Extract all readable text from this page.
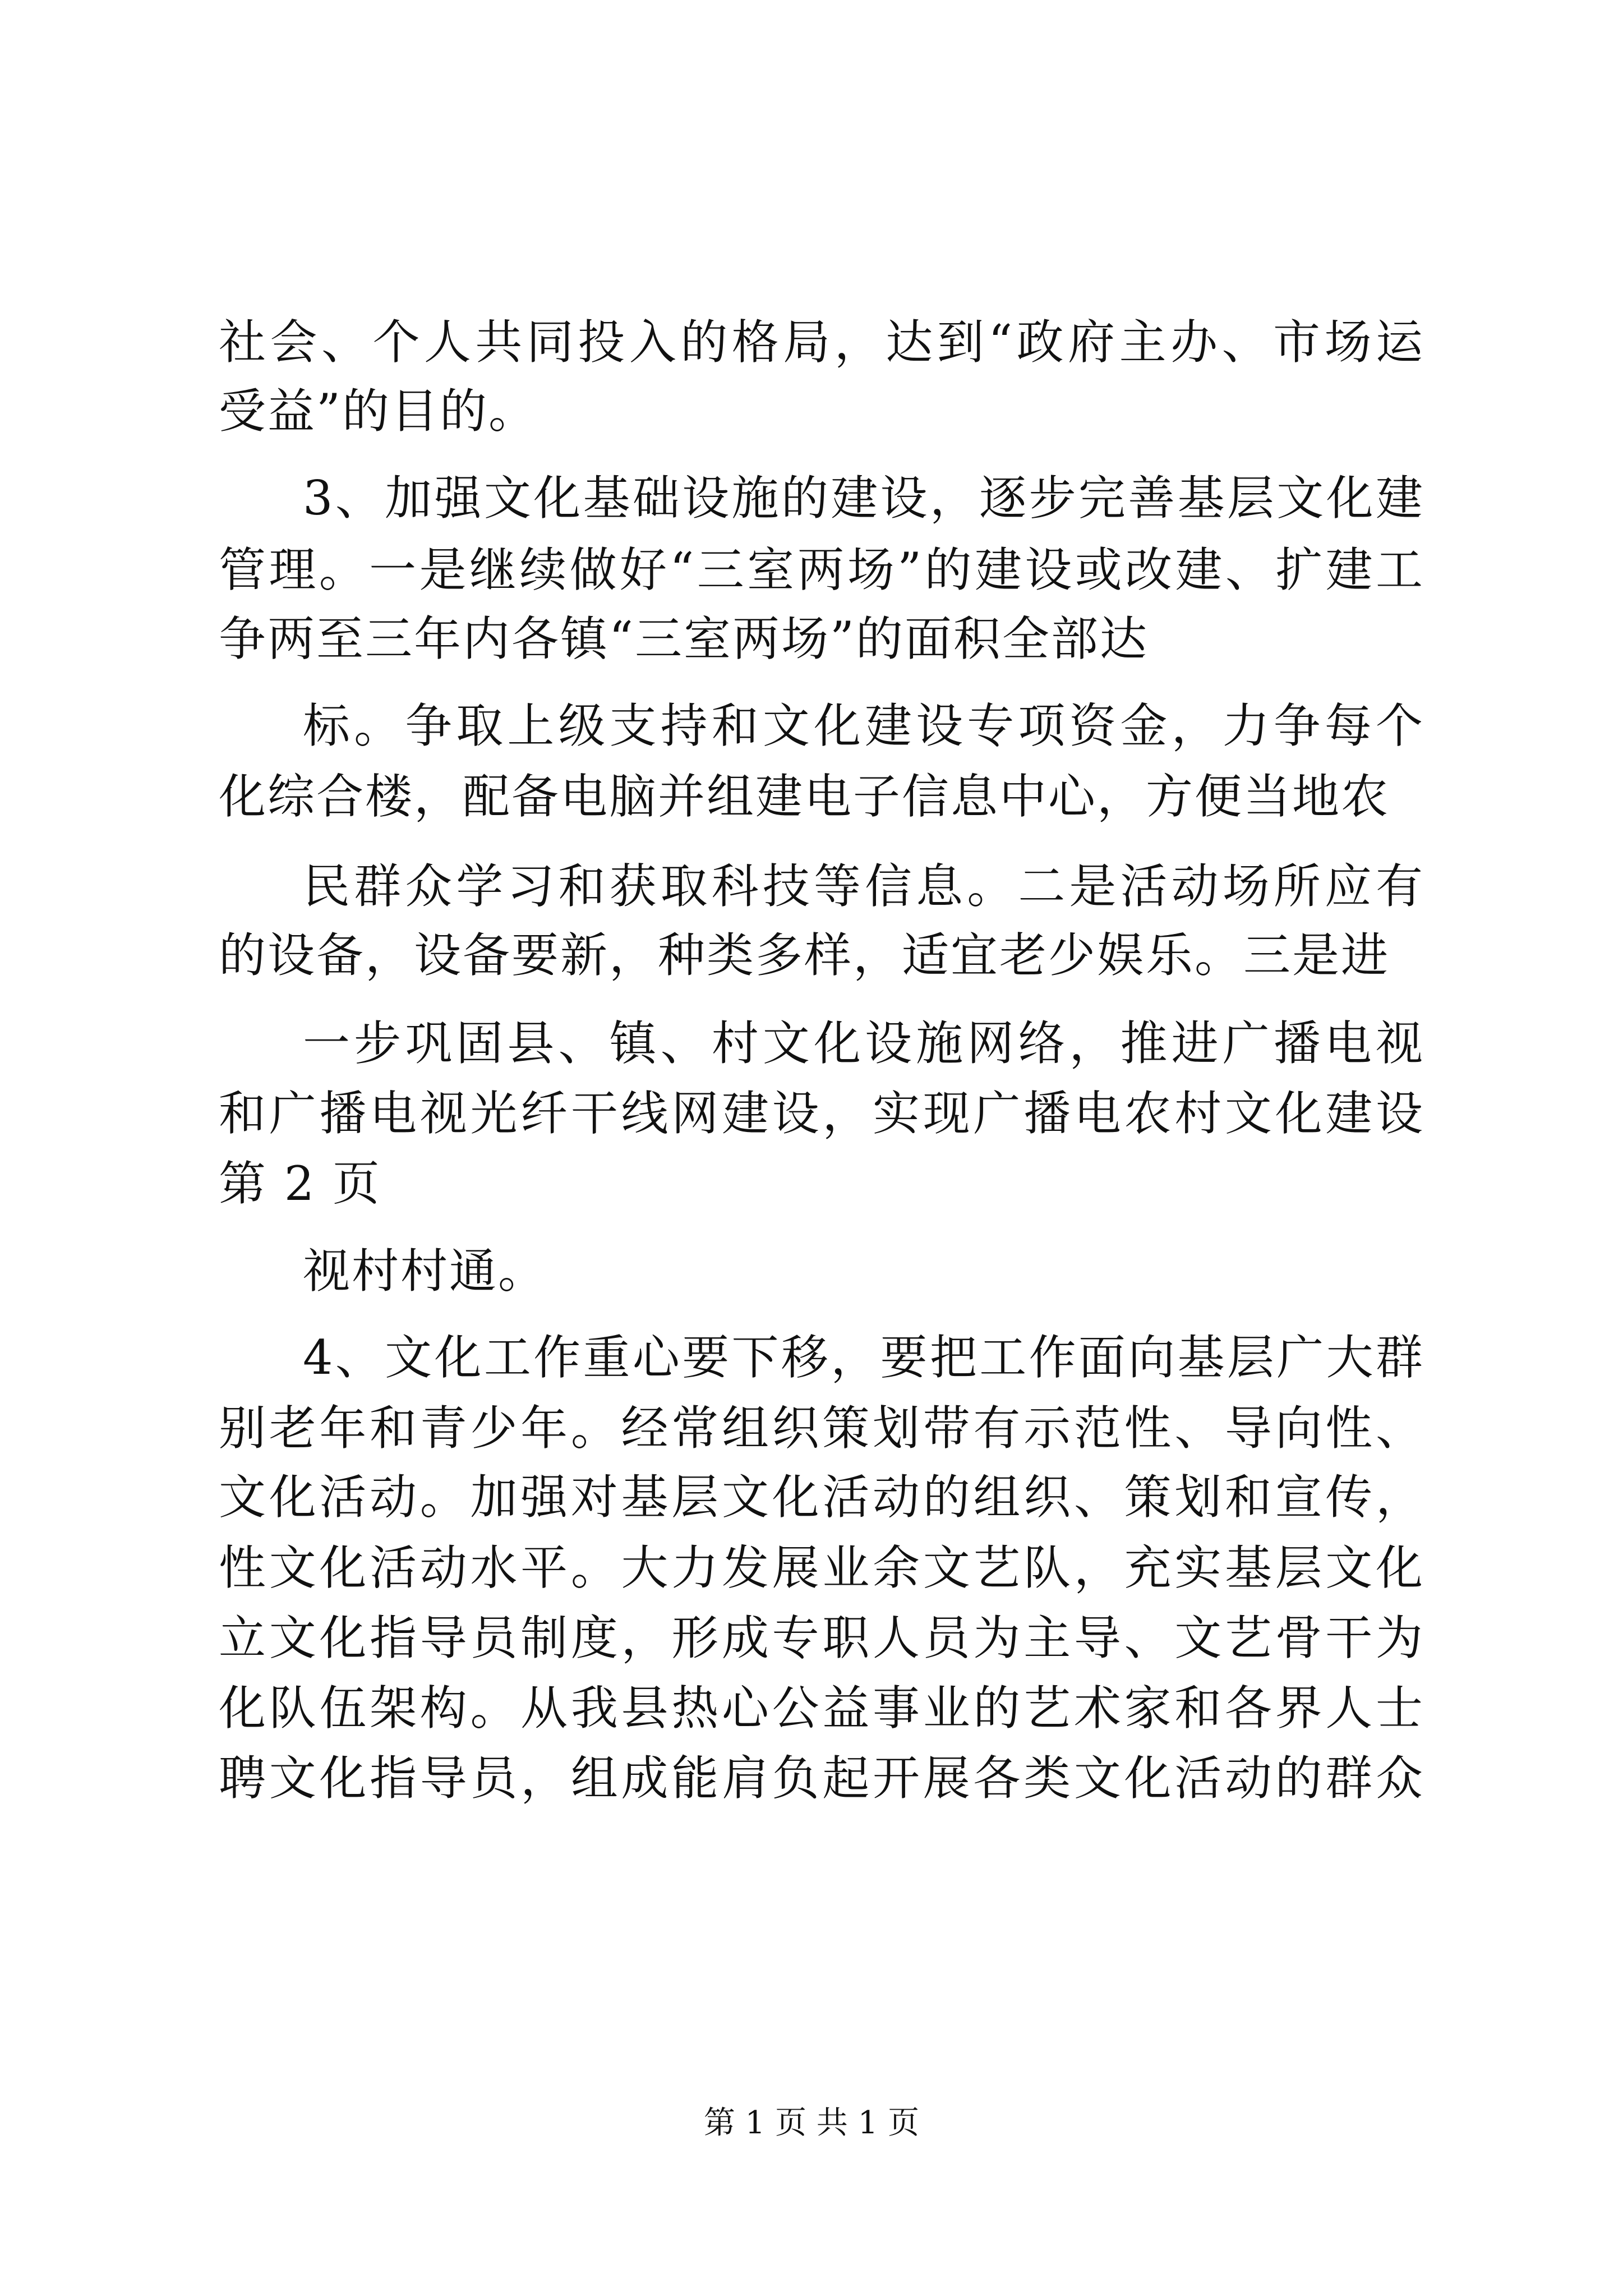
社会、个人共同投入的格局，达到“政府主办、市场运
受益”的目的。
3、加强文化基础设施的建设，逐步完善基层文化建
管理。一是继续做好“三室两场”的建设或改建、扩建工
争两至三年内各镇“三室两场”的面积全部达
标。争取上级支持和文化建设专项资金，力争每个
化综合楼，配备电脑并组建电子信息中心，方便当地农
民群众学习和获取科技等信息。二是活动场所应有
的设备，设备要新，种类多样，适宜老少娱乐。三是进
一步巩固县、镇、村文化设施网络，推进广播电视
和广播电视光纤干线网建设，实现广播电农村文化建设
第 2 页
视村村通。
4、文化工作重心要下移，要把工作面向基层广大群
别老年和青少年。经常组织策划带有示范性、导向性、
文化活动。加强对基层文化活动的组织、策划和宣传，
性文化活动水平。大力发展业余文艺队，充实基层文化
立文化指导员制度，形成专职人员为主导、文艺骨干为
化队伍架构。从我县热心公益事业的艺术家和各界人士
聘文化指导员，组成能肩负起开展各类文化活动的群众
第 1 页 共 1 页
